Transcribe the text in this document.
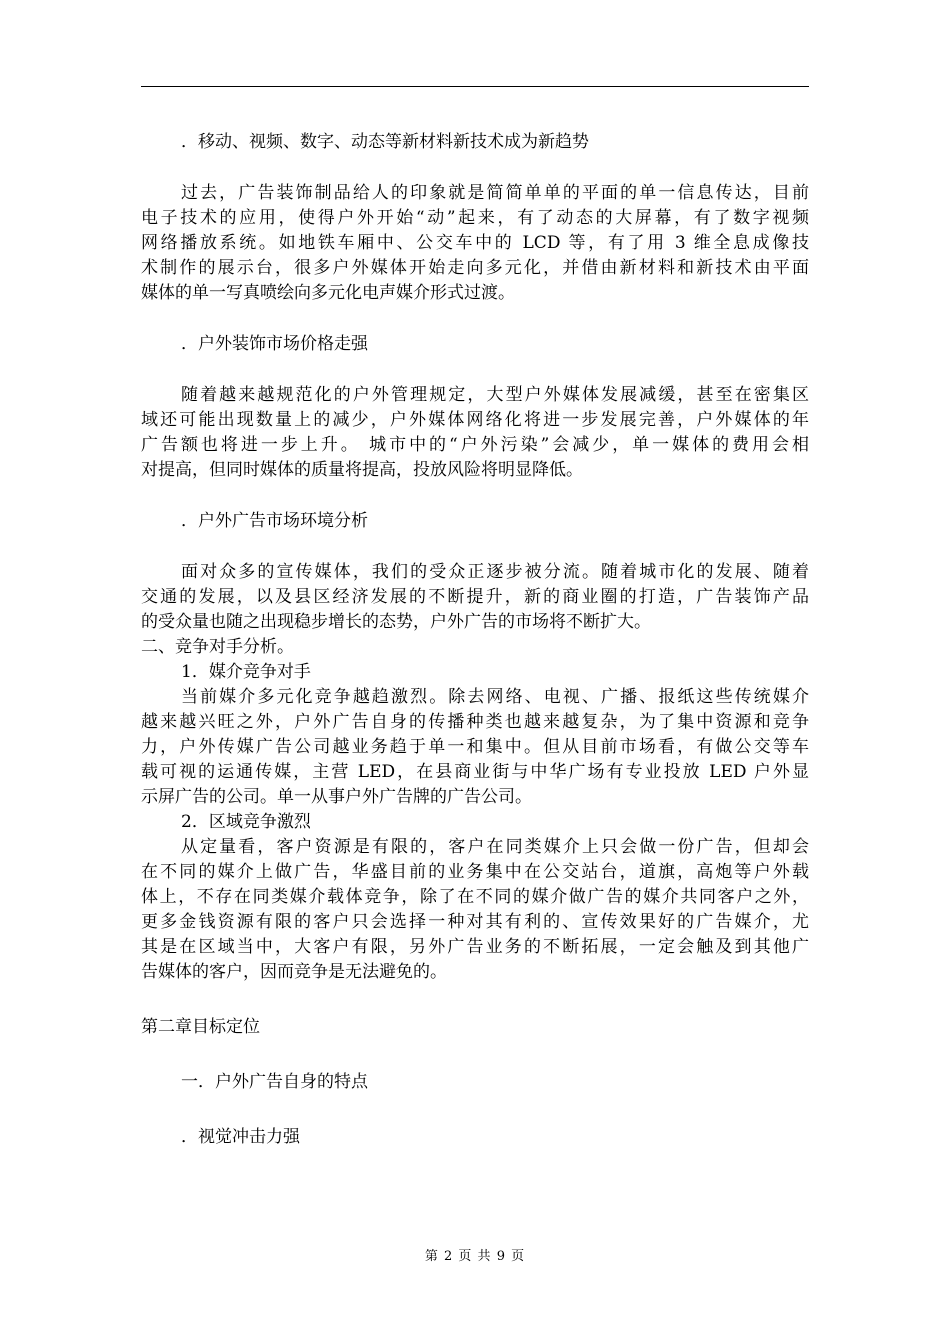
．移动、视频、数字、动态等新材料新技术成为新趋势
过去，广告装饰制品给人的印象就是简简单单的平面的单一信息传达，目前
电子技术的应用，使得户外开始“动”起来，有了动态的大屏幕，有了数字视频
网络播放系统。如地铁车厢中、公交车中的 LCD 等，有了用 3 维全息成像技
术制作的展示台，很多户外媒体开始走向多元化，并借由新材料和新技术由平面
媒体的单一写真喷绘向多元化电声媒介形式过渡。
．户外装饰市场价格走强
随着越来越规范化的户外管理规定，大型户外媒体发展减缓，甚至在密集区
域还可能出现数量上的减少，户外媒体网络化将进一步发展完善，户外媒体的年
广告额也将进一步上升。 城市中的“户外污染”会减少，单一媒体的费用会相
对提高，但同时媒体的质量将提高，投放风险将明显降低。
．户外广告市场环境分析
面对众多的宣传媒体，我们的受众正逐步被分流。随着城市化的发展、随着
交通的发展，以及县区经济发展的不断提升，新的商业圈的打造，广告装饰产品
的受众量也随之出现稳步增长的态势，户外广告的市场将不断扩大。
二、竞争对手分析。
1．媒介竞争对手
当前媒介多元化竞争越趋激烈。除去网络、电视、广播、报纸这些传统媒介
越来越兴旺之外，户外广告自身的传播种类也越来越复杂，为了集中资源和竞争
力，户外传媒广告公司越业务趋于单一和集中。但从目前市场看，有做公交等车
载可视的运通传媒，主营 LED，在县商业街与中华广场有专业投放 LED 户外显
示屏广告的公司。单一从事户外广告牌的广告公司。
2．区域竞争激烈
从定量看，客户资源是有限的，客户在同类媒介上只会做一份广告，但却会
在不同的媒介上做广告，华盛目前的业务集中在公交站台，道旗，高炮等户外载
体上，不存在同类媒介载体竞争，除了在不同的媒介做广告的媒介共同客户之外，
更多金钱资源有限的客户只会选择一种对其有利的、宣传效果好的广告媒介，尤
其是在区域当中，大客户有限，另外广告业务的不断拓展，一定会触及到其他广
告媒体的客户，因而竞争是无法避免的。
第二章目标定位
一．户外广告自身的特点
．视觉冲击力强
第 2 页 共 9 页
